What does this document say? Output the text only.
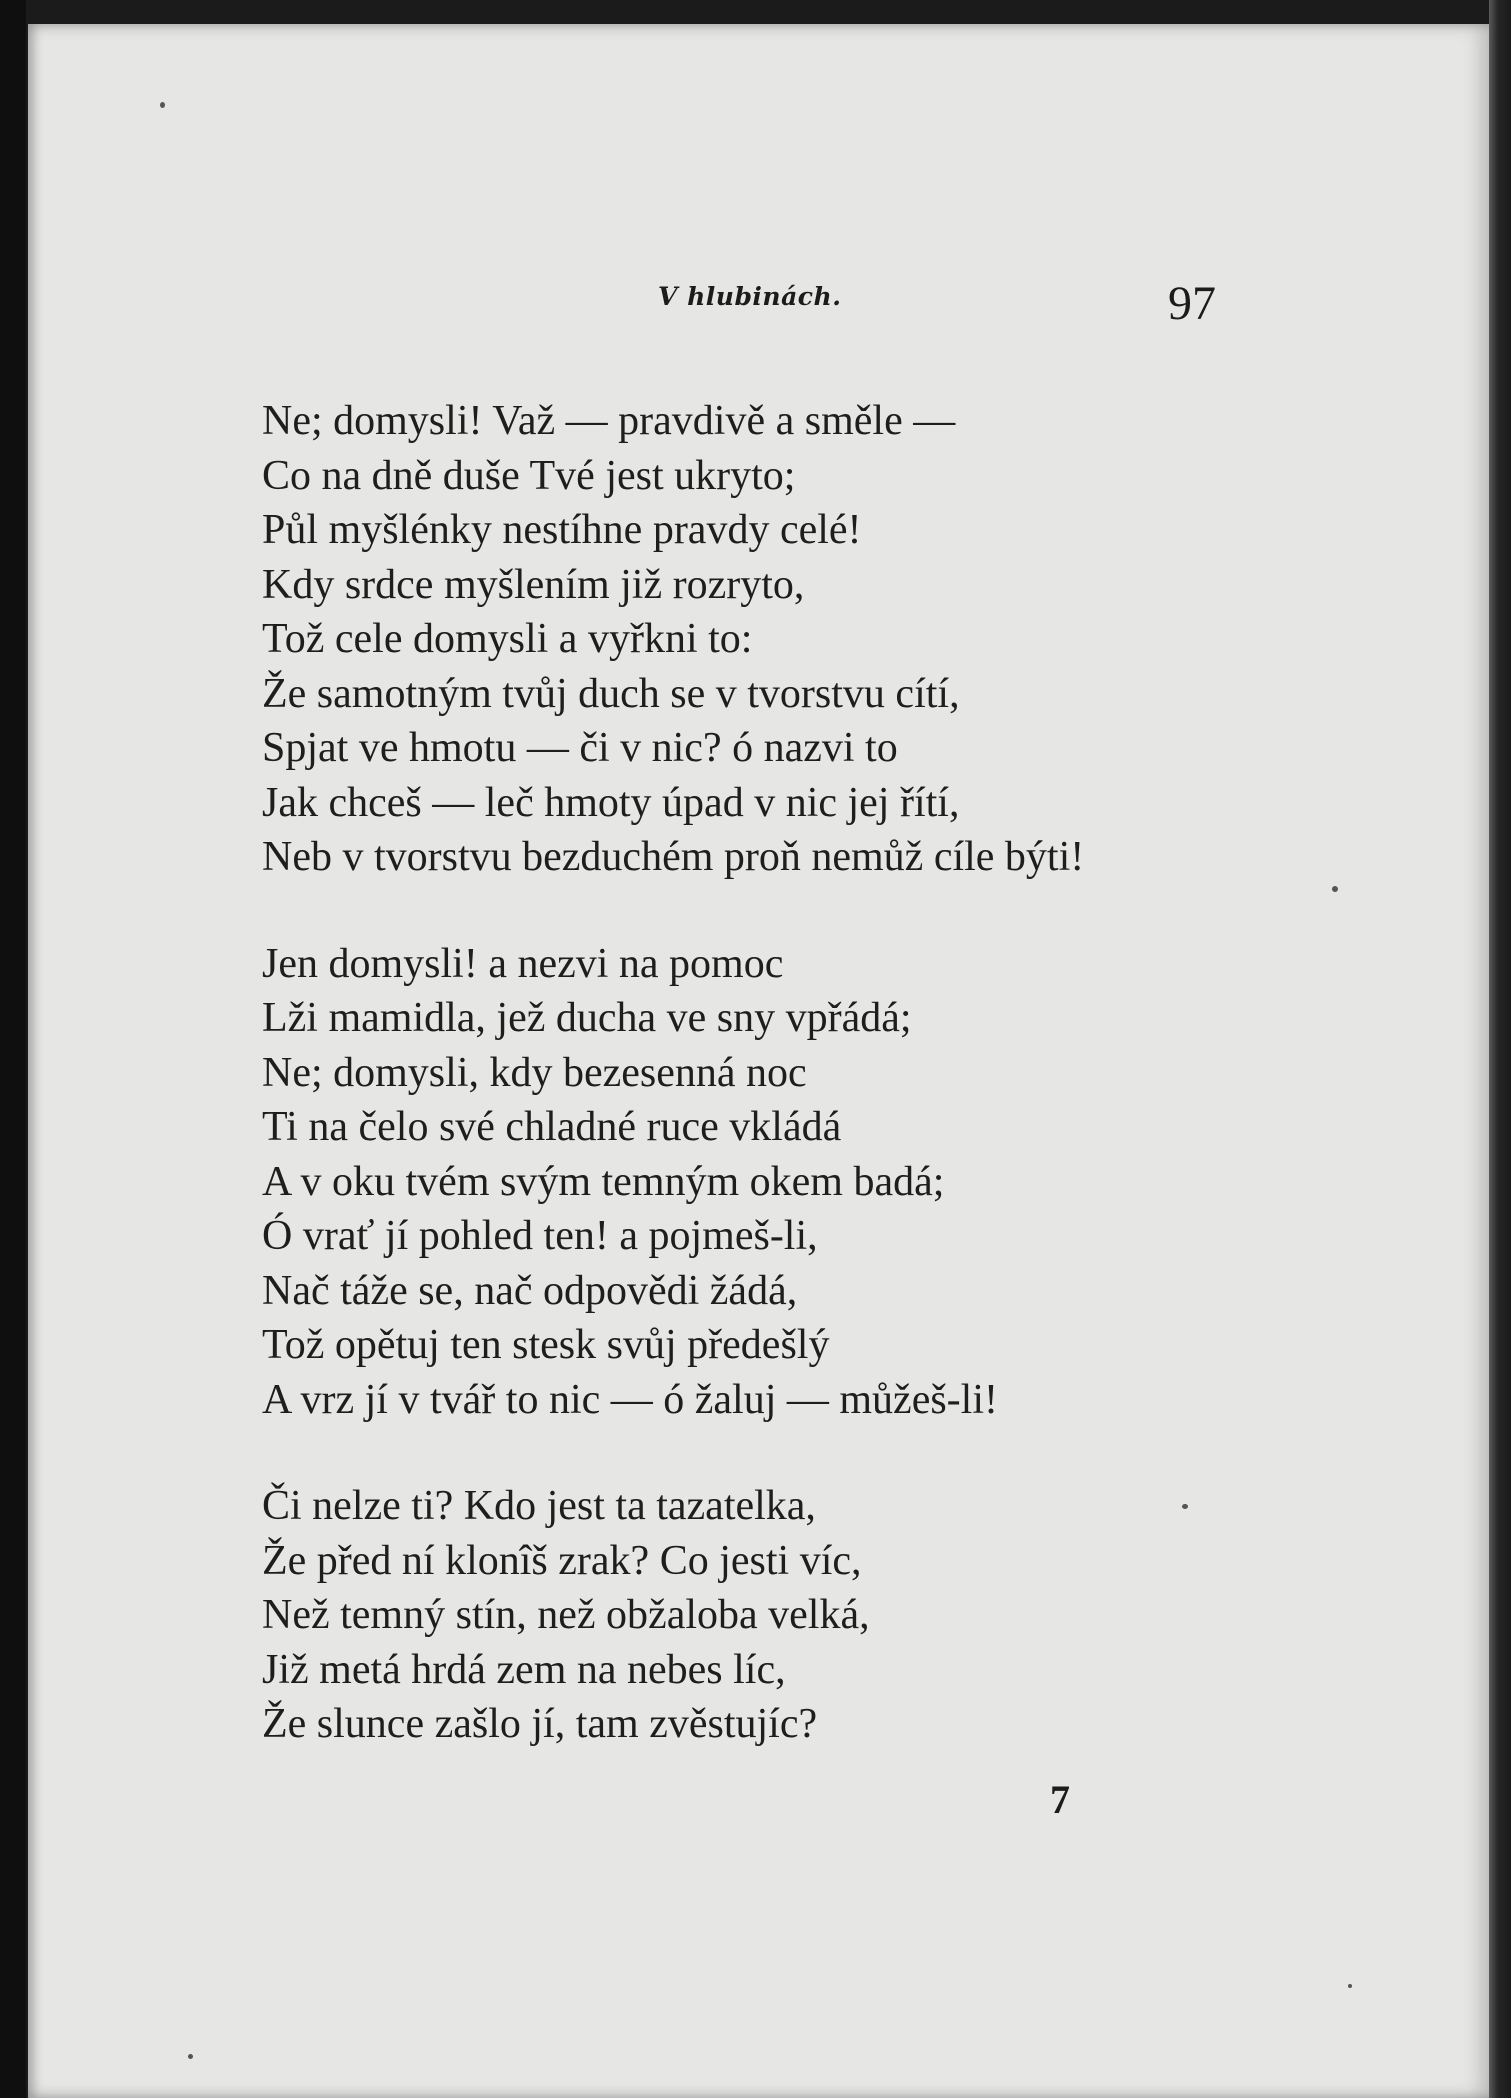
V hlubinách.	97
Ne; domysli! Važ — pravdivě a směle —
Co na dně duše Tvé jest ukryto;
Půl myšlénky nestíhne pravdy celé!
Kdy srdce myšlením již rozryto,
Tož cele domysli a vyřkni to:
Že samotným tvůj duch se v tvorstvu cítí,
Spjat ve hmotu — či v nic? ó nazvi to
Jak chceš — leč hmoty úpad v nic jej řítí,
Neb v tvorstvu bezduchém proň nemůž cíle býti!
Jen domysli! a nezvi na pomoc
Lži mamidla, jež ducha ve sny vpřádá;
Ne; domysli, kdy bezesenná noc
Ti na čelo své chladné ruce vkládá
A v oku tvém svým temným okem badá;
Ó vrať jí pohled ten! a pojmeš-li,
Nač táže se, nač odpovědi žádá,
Tož opětuj ten stesk svůj předešlý
A vrz jí v tvář to nic — ó žaluj — můžeš-li!
Či nelze ti? Kdo jest ta tazatelka,
Že před ní klonîš zrak? Co jesti víc,
Než temný stín, než obžaloba velká,
Již metá hrdá zem na nebes líc,
Že slunce zašlo jí, tam zvěstujíc?
7
